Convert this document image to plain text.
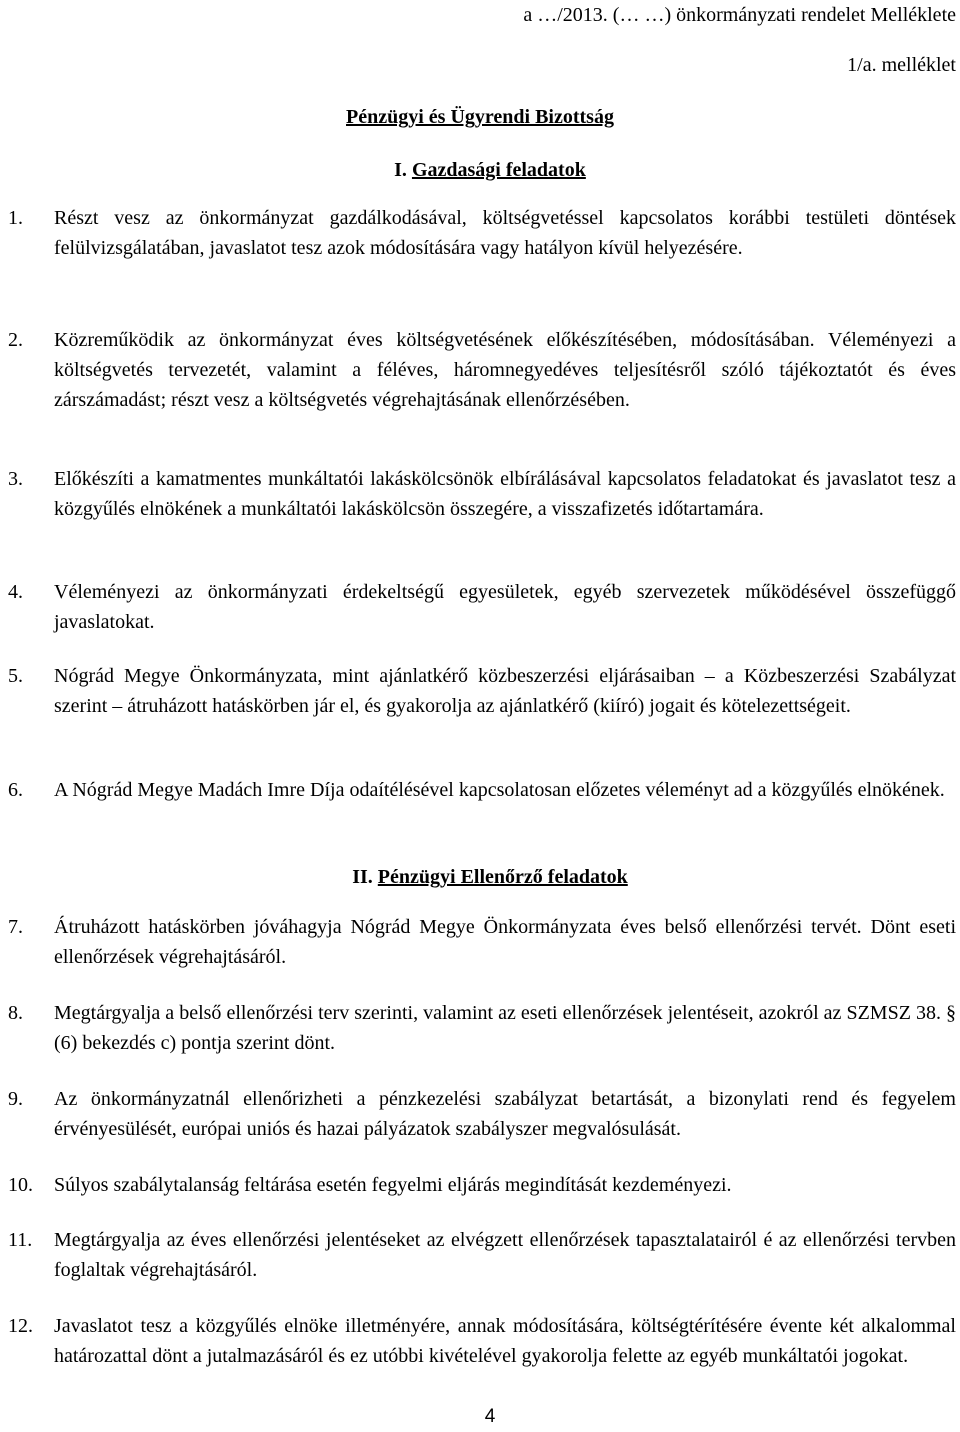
a …/2013. (… …) önkormányzati rendelet Melléklete
1/a. melléklet
Pénzügyi és Ügyrendi Bizottság
I. Gazdasági feladatok
1.	Részt vesz az önkormányzat gazdálkodásával, költségvetéssel kapcsolatos korábbi testületi döntések felülvizsgálatában, javaslatot tesz azok módosítására vagy hatályon kívül helyezésére.
2.	Közreműködik az önkormányzat éves költségvetésének előkészítésében, módosításában. Véleményezi a költségvetés tervezetét, valamint a féléves, háromnegyedéves teljesítésről szóló tájékoztatót és éves zárszámadást; részt vesz a költségvetés végrehajtásának ellenőrzésében.
3.	Előkészíti a kamatmentes munkáltatói lakáskölcsönök elbírálásával kapcsolatos feladatokat és javaslatot tesz a közgyűlés elnökének a munkáltatói lakáskölcsön összegére, a visszafizetés időtartamára.
4.	Véleményezi az önkormányzati érdekeltségű egyesületek, egyéb szervezetek működésével összefüggő javaslatokat.
5.	Nógrád Megye Önkormányzata, mint ajánlatkérő közbeszerzési eljárásaiban – a Közbeszerzési Szabályzat szerint – átruházott hatáskörben jár el, és gyakorolja az ajánlatkérő (kiíró) jogait és kötelezettségeit.
6.	A Nógrád Megye Madách Imre Díja odaítélésével kapcsolatosan előzetes véleményt ad a közgyűlés elnökének.
II. Pénzügyi Ellenőrző feladatok
7.	Átruházott hatáskörben jóváhagyja Nógrád Megye Önkormányzata éves belső ellenőrzési tervét. Dönt eseti ellenőrzések végrehajtásáról.
8.	Megtárgyalja a belső ellenőrzési terv szerinti, valamint az eseti ellenőrzések jelentéseit, azokról az SZMSZ 38. § (6) bekezdés c) pontja szerint dönt.
9.	Az önkormányzatnál ellenőrizheti a pénzkezelési szabályzat betartását, a bizonylati rend és fegyelem érvényesülését, európai uniós és hazai pályázatok szabályszer megvalósulását.
10.	Súlyos szabálytalanság feltárása esetén fegyelmi eljárás megindítását kezdeményezi.
11.	Megtárgyalja az éves ellenőrzési jelentéseket az elvégzett ellenőrzések tapasztalatairól é az ellenőrzési tervben foglaltak végrehajtásáról.
12.	Javaslatot tesz a közgyűlés elnöke illetményére, annak módosítására, költségtérítésére évente két alkalommal határozattal dönt a jutalmazásáról és ez utóbbi kivételével gyakorolja felette az egyéb munkáltatói jogokat.
4
